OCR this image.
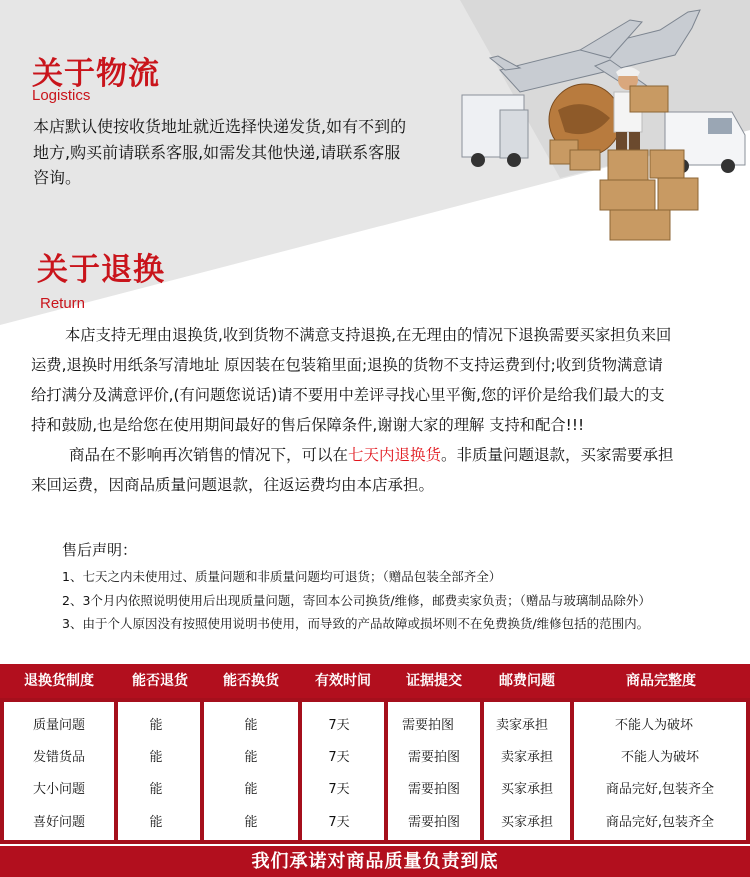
关于物流
Logistics
本店默认使按收货地址就近选择快递发货,如有不到的
地方,购买前请联系客服,如需发其他快递,请联系客服
咨询。
关于退换
Return
本店支持无理由退换货,收到货物不满意支持退换,在无理由的情况下退换需要买家担负来回
运费,退换时用纸条写清地址 原因装在包装箱里面;退换的货物不支持运费到付;收到货物满意请
给打满分及满意评价,(有问题您说话)请不要用中差评寻找心里平衡,您的评价是给我们最大的支
持和鼓励,也是给您在使用期间最好的售后保障条件,谢谢大家的理解 支持和配合!!!
商品在不影响再次销售的情况下，可以在七天内退换货。非质量问题退款，买家需要承担
来回运费，因商品质量问题退款，往返运费均由本店承担。
售后声明：
1、七天之内未使用过、质量问题和非质量问题均可退货；（赠品包装全部齐全）
2、3个月内依照说明使用后出现质量问题，寄回本公司换货/维修，邮费卖家负责；（赠品与玻璃制品除外）
3、由于个人原因没有按照使用说明书使用，而导致的产品故障或损坏则不在免费换货/维修包括的范围内。
退换货制度	能否退货	能否换货	有效时间	证据提交	邮费问题	商品完整度
质量问题	能	能	7天	需要拍图	卖家承担	不能人为破坏
发错货品	能	能	7天	需要拍图	卖家承担	不能人为破坏
大小问题	能	能	7天	需要拍图	买家承担	商品完好,包装齐全
喜好问题	能	能	7天	需要拍图	买家承担	商品完好,包装齐全
我们承诺对商品质量负责到底
